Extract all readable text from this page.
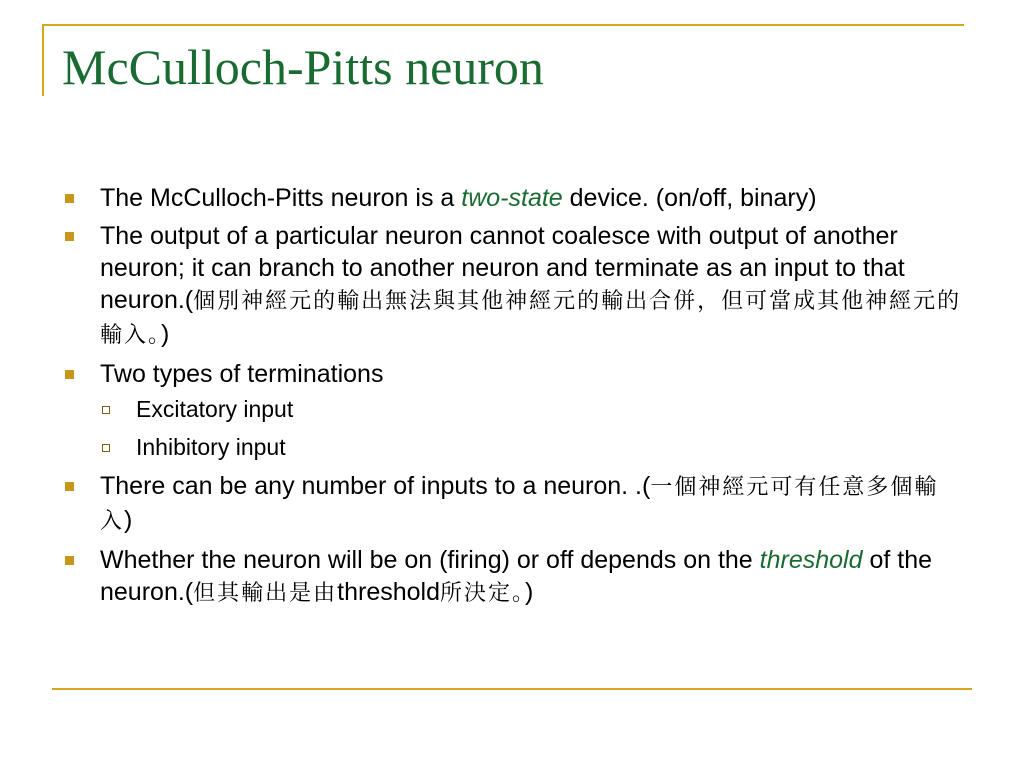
McCulloch-Pitts neuron
The McCulloch-Pitts neuron is a two-state device. (on/off, binary)
The output of a particular neuron cannot coalesce with output of another neuron; it can branch to another neuron and terminate as an input to that neuron.(個別神經元的輸出無法與其他神經元的輸出合併，但可當成其他神經元的輸入。)
Two types of terminations
Excitatory input
Inhibitory input
There can be any number of inputs to a neuron. .(一個神經元可有任意多個輸入)
Whether the neuron will be on (firing) or off depends on the threshold of the neuron.(但其輸出是由threshold所決定。)
